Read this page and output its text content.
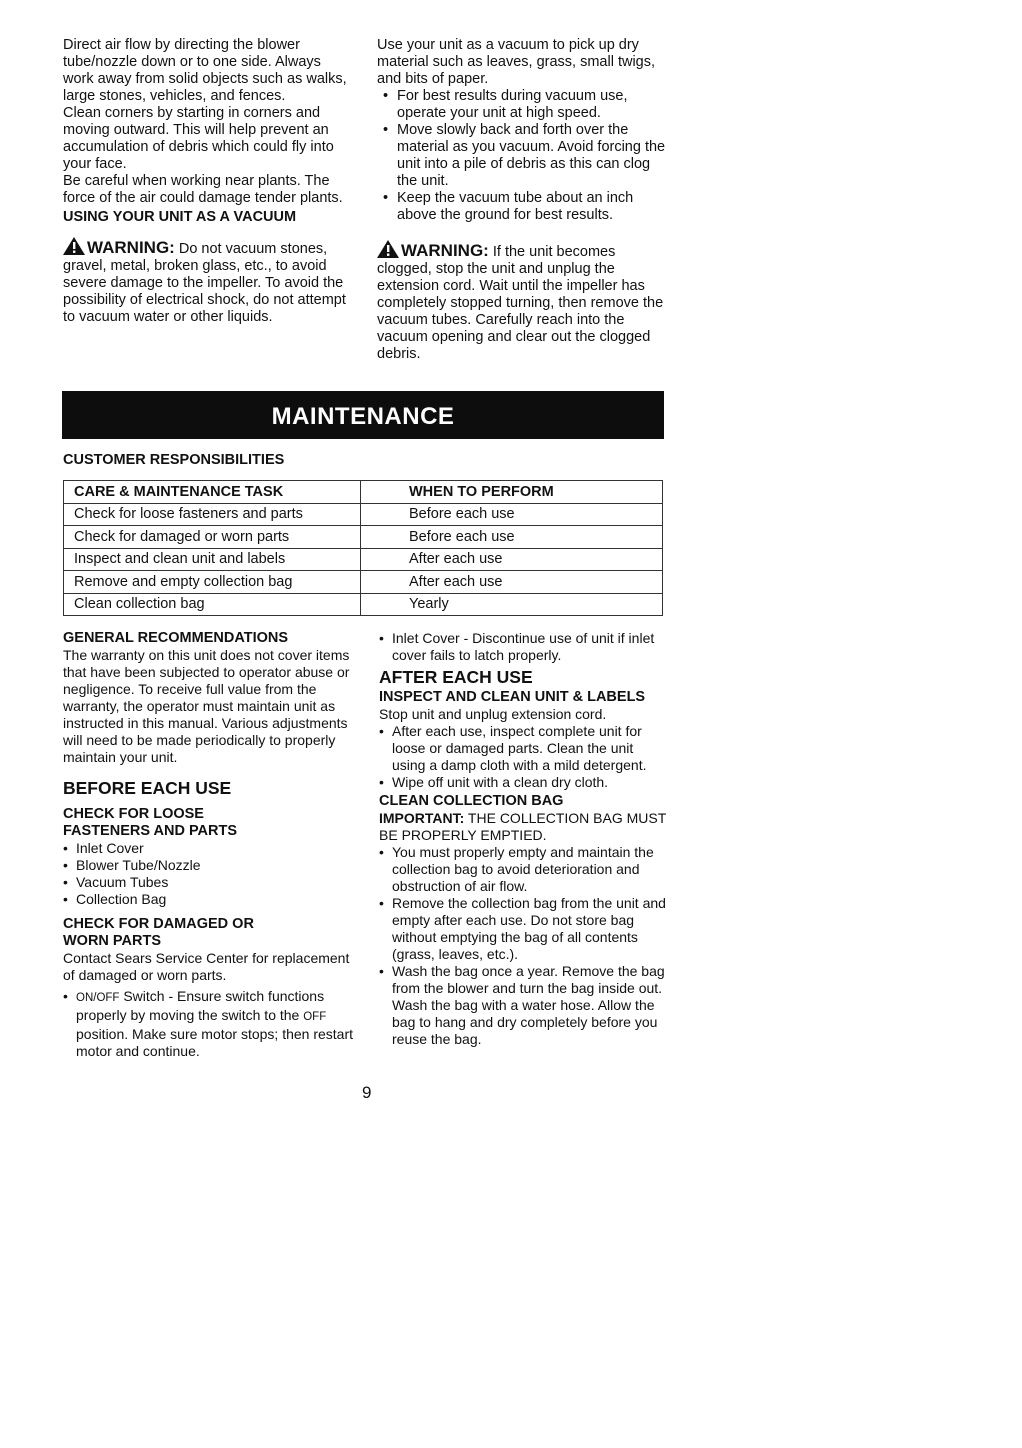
Direct air flow by directing the blower tube/nozzle down or to one side. Always work away from solid objects such as walks, large stones, vehicles, and fences.

Clean corners by starting in corners and moving outward. This will help prevent an accumulation of debris which could fly into your face.

Be careful when working near plants. The force of the air could damage tender plants.

USING YOUR UNIT AS A VACUUM

WARNING: Do not vacuum stones, gravel, metal, broken glass, etc., to avoid severe damage to the impeller. To avoid the possibility of electrical shock, do not attempt to vacuum water or other liquids.

Use your unit as a vacuum to pick up dry material such as leaves, grass, small twigs, and bits of paper.

• For best results during vacuum use, operate your unit at high speed.
• Move slowly back and forth over the material as you vacuum. Avoid forcing the unit into a pile of debris as this can clog the unit.
• Keep the vacuum tube about an inch above the ground for best results.

WARNING: If the unit becomes clogged, stop the unit and unplug the extension cord. Wait until the impeller has completely stopped turning, then remove the vacuum tubes. Carefully reach into the vacuum opening and clear out the clogged debris.

MAINTENANCE

CUSTOMER RESPONSIBILITIES

CARE & MAINTENANCE TASK	WHEN TO PERFORM
Check for loose fasteners and parts	Before each use
Check for damaged or worn parts	Before each use
Inspect and clean unit and labels	After each use
Remove and empty collection bag	After each use
Clean collection bag	Yearly

GENERAL RECOMMENDATIONS

The warranty on this unit does not cover items that have been subjected to operator abuse or negligence. To receive full value from the warranty, the operator must maintain unit as instructed in this manual. Various adjustments will need to be made periodically to properly maintain your unit.

BEFORE EACH USE

CHECK FOR LOOSE FASTENERS AND PARTS

• Inlet Cover
• Blower Tube/Nozzle
• Vacuum Tubes
• Collection Bag

CHECK FOR DAMAGED OR WORN PARTS

Contact Sears Service Center for replacement of damaged or worn parts.

• ON/OFF Switch - Ensure switch functions properly by moving the switch to the OFF position. Make sure motor stops; then restart motor and continue.
• Inlet Cover - Discontinue use of unit if inlet cover fails to latch properly.

AFTER EACH USE

INSPECT AND CLEAN UNIT & LABELS

Stop unit and unplug extension cord.

• After each use, inspect complete unit for loose or damaged parts. Clean the unit using a damp cloth with a mild detergent.
• Wipe off unit with a clean dry cloth.

CLEAN COLLECTION BAG

IMPORTANT: THE COLLECTION BAG MUST BE PROPERLY EMPTIED.

• You must properly empty and maintain the collection bag to avoid deterioration and obstruction of air flow.
• Remove the collection bag from the unit and empty after each use. Do not store bag without emptying the bag of all contents (grass, leaves, etc.).
• Wash the bag once a year. Remove the bag from the blower and turn the bag inside out. Wash the bag with a water hose. Allow the bag to hang and dry completely before you reuse the bag.
9
